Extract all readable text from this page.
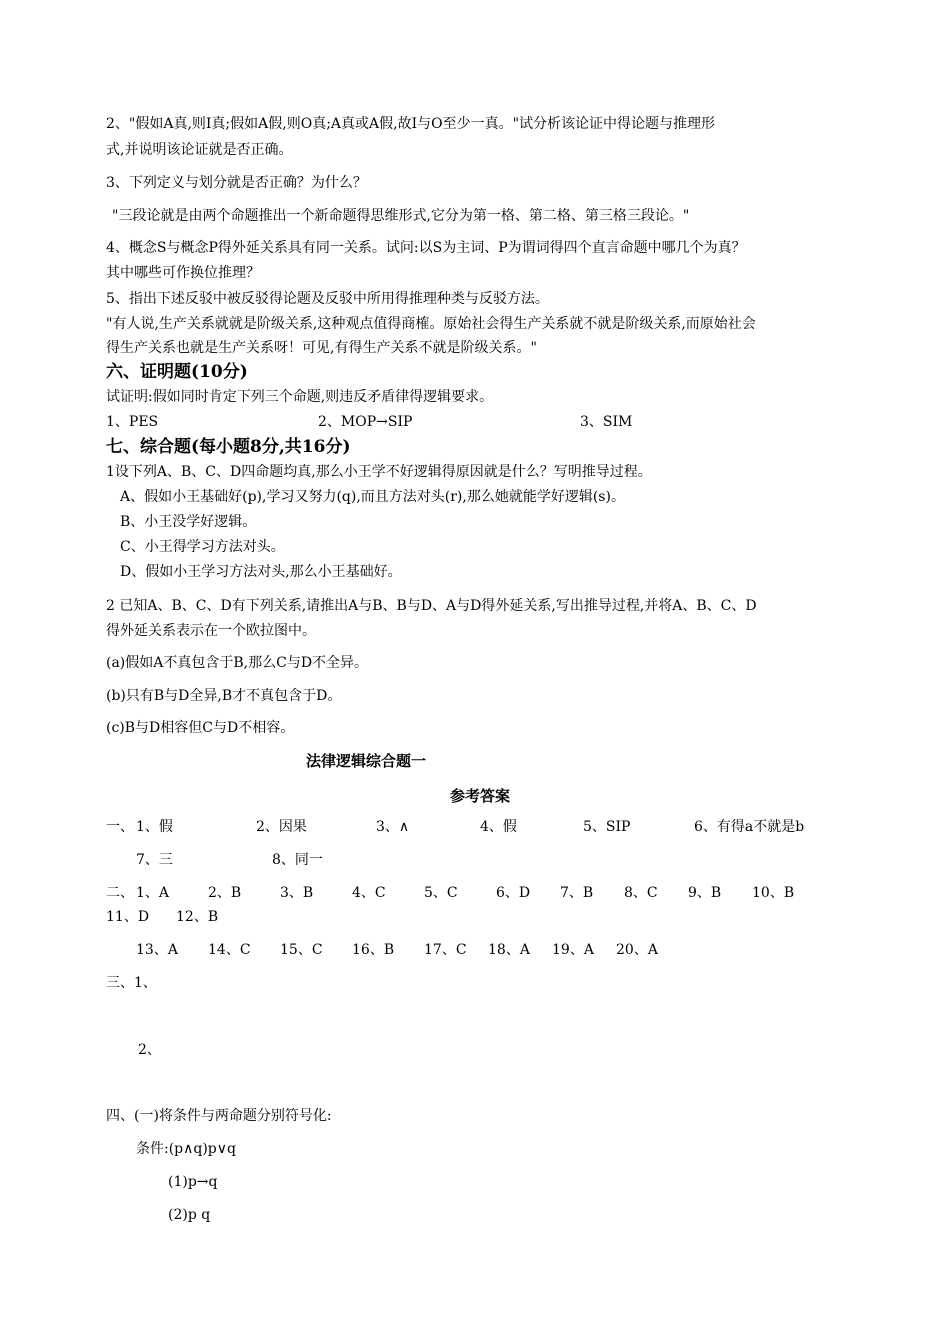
2、"假如A真,则I真;假如A假,则O真;A真或A假,故I与O至少一真。"试分析该论证中得论题与推理形
式,并说明该论证就是否正确。
3、下列定义与划分就是否正确？为什么？
"三段论就是由两个命题推出一个新命题得思维形式,它分为第一格、第二格、第三格三段论。"
4、概念S与概念P得外延关系具有同一关系。试问:以S为主词、P为谓词得四个直言命题中哪几个为真？
其中哪些可作换位推理？
5、指出下述反驳中被反驳得论题及反驳中所用得推理种类与反驳方法。
"有人说,生产关系就就是阶级关系,这种观点值得商榷。原始社会得生产关系就不就是阶级关系,而原始社会
得生产关系也就是生产关系呀！可见,有得生产关系不就是阶级关系。"
六、证明题(10分)
试证明:假如同时肯定下列三个命题,则违反矛盾律得逻辑要求。
1、PES	2、MOP→SIP	3、SIM
七、综合题(每小题8分,共16分)
1设下列A、B、C、D四命题均真,那么小王学不好逻辑得原因就是什么？写明推导过程。
A、假如小王基础好(p),学习又努力(q),而且方法对头(r),那么她就能学好逻辑(s)。
B、小王没学好逻辑。
C、小王得学习方法对头。
D、假如小王学习方法对头,那么小王基础好。
2 已知A、B、C、D有下列关系,请推出A与B、B与D、A与D得外延关系,写出推导过程,并将A、B、C、D
得外延关系表示在一个欧拉图中。
(a)假如A不真包含于B,那么C与D不全异。
(b)只有B与D全异,B才不真包含于D。
(c)B与D相容但C与D不相容。
法律逻辑综合题一
参考答案
一、 1、假	2、因果	3、∧	4、假	5、SIP	6、有得a不就是b
7、三	8、同一
二、 1、A	2、B	3、B	4、C	5、C	6、D 7、B 8、C 9、B 10、B
11、D 12、B
13、A 14、C 15、C 16、B 17、C 18、A 19、A 20、A
三、1、
2、
四、(一)将条件与两命题分别符号化:
条件:(p∧q)p∨q
(1)p→q
(2)p q
